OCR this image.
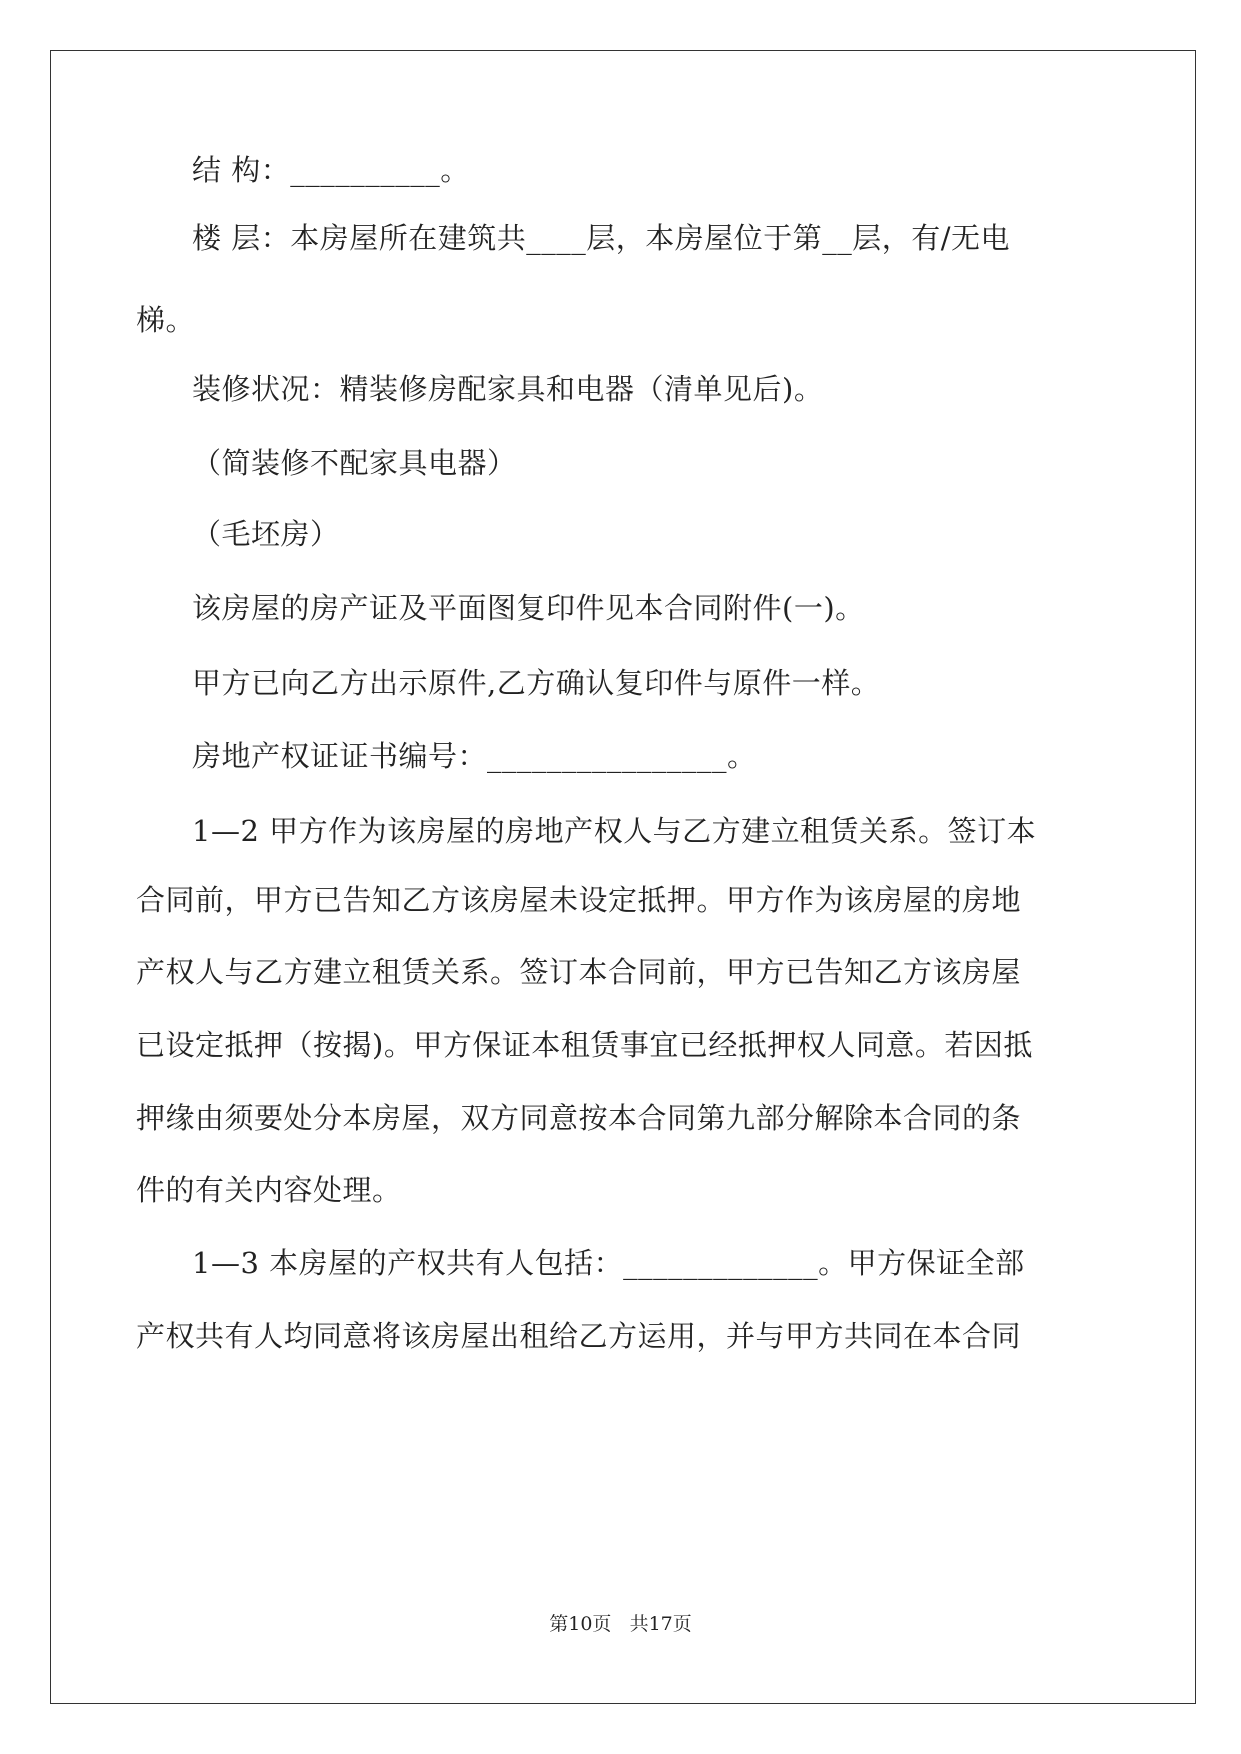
结 构：__________。
楼 层：本房屋所在建筑共____层，本房屋位于第__层，有/无电
梯。
装修状况：精装修房配家具和电器（清单见后)。
（简装修不配家具电器）
（毛坯房）
该房屋的房产证及平面图复印件见本合同附件(一)。
甲方已向乙方出示原件,乙方确认复印件与原件一样。
房地产权证证书编号：________________。
1—2 甲方作为该房屋的房地产权人与乙方建立租赁关系。签订本
合同前，甲方已告知乙方该房屋未设定抵押。甲方作为该房屋的房地
产权人与乙方建立租赁关系。签订本合同前，甲方已告知乙方该房屋
已设定抵押（按揭)。甲方保证本租赁事宜已经抵押权人同意。若因抵
押缘由须要处分本房屋，双方同意按本合同第九部分解除本合同的条
件的有关内容处理。
1—3 本房屋的产权共有人包括：_____________。甲方保证全部
产权共有人均同意将该房屋出租给乙方运用，并与甲方共同在本合同
第10页 共17页
